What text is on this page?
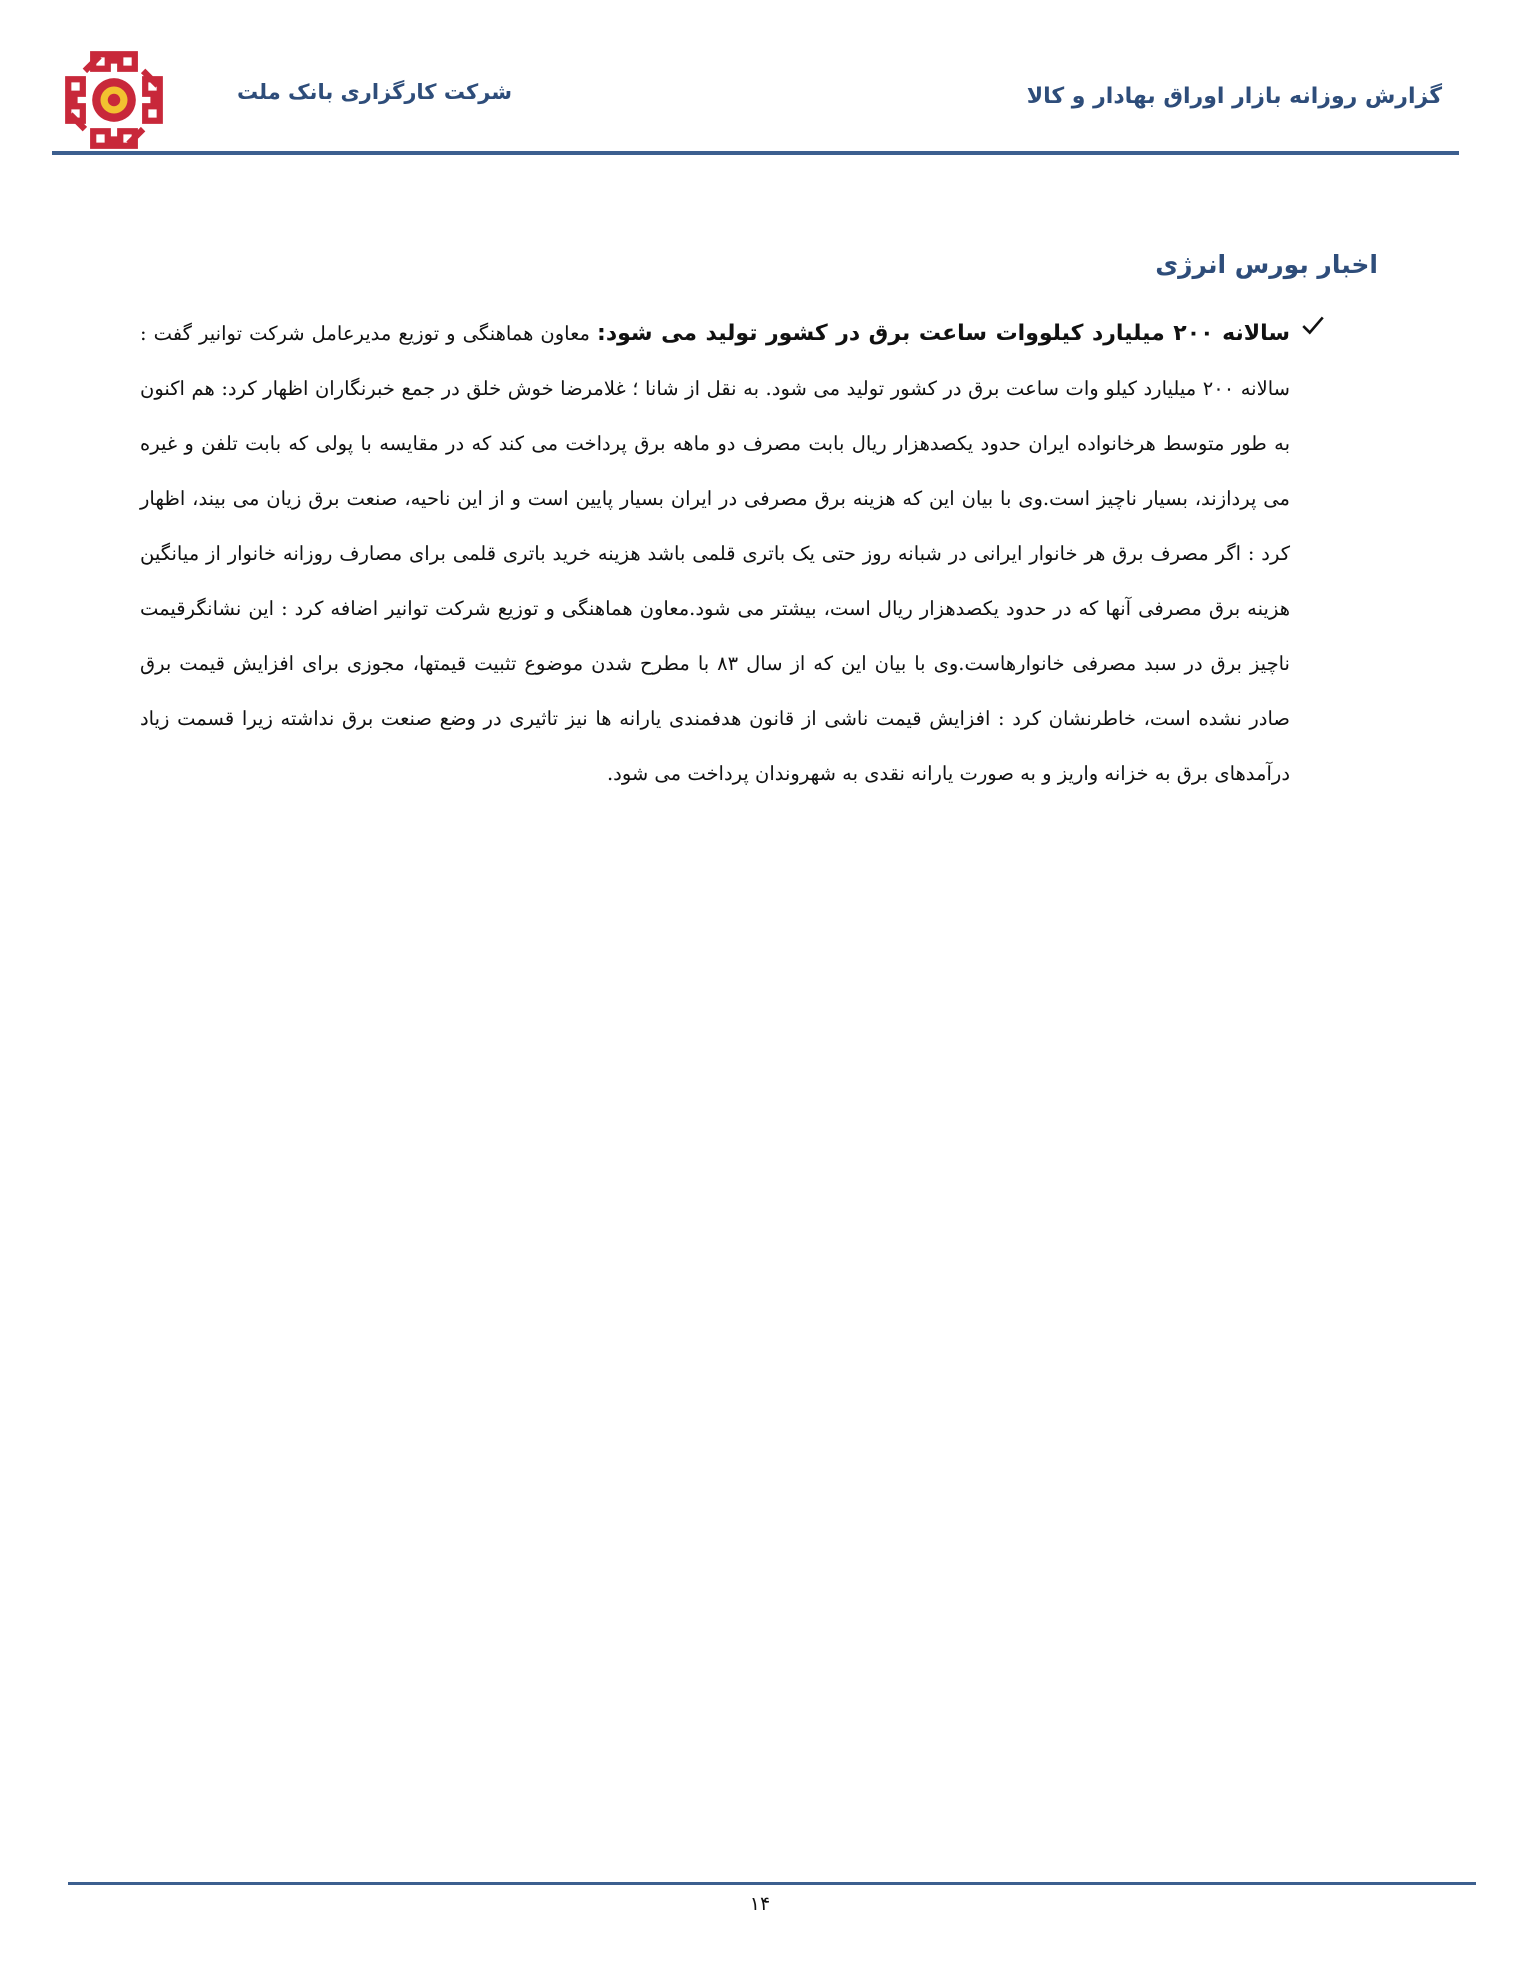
شرکت کارگزاری بانک ملت	گزارش روزانه بازار اوراق بهادار و کالا
اخبار بورس انرژی
سالانه ۲۰۰ میلیارد کیلووات ساعت برق در کشور تولید می شود: معاون هماهنگی و توزیع مدیرعامل شرکت توانیر گفت : سالانه ۲۰۰ میلیارد کیلو وات ساعت برق در کشور تولید می شود. به نقل از شانا ؛ غلامرضا خوش خلق در جمع خبرنگاران اظهار کرد: هم اکنون به طور متوسط هرخانواده ایران حدود یکصدهزار ریال بابت مصرف دو ماهه برق پرداخت می کند که در مقایسه با پولی که بابت تلفن و غیره می پردازند، بسیار ناچیز است.وی با بیان این که هزینه برق مصرفی در ایران بسیار پایین است و از این ناحیه، صنعت برق زیان می بیند، اظهار کرد : اگر مصرف برق هر خانوار ایرانی در شبانه روز حتی یک باتری قلمی باشد هزینه خرید باتری قلمی برای مصارف روزانه خانوار از میانگین هزینه برق مصرفی آنها که در حدود یکصدهزار ریال است، بیشتر می شود.معاون هماهنگی و توزیع شرکت توانیر اضافه کرد : این نشانگرقیمت ناچیز برق در سبد مصرفی خانوارهاست.وی با بیان این که از سال ۸۳ با مطرح شدن موضوع تثبیت قیمتها، مجوزی برای افزایش قیمت برق صادر نشده است، خاطرنشان کرد : افزایش قیمت ناشی از قانون هدفمندی یارانه ها نیز تاثیری در وضع صنعت برق نداشته زیرا قسمت زیاد درآمدهای برق به خزانه واریز و به صورت یارانه نقدی به شهروندان پرداخت می شود.
۱۴
